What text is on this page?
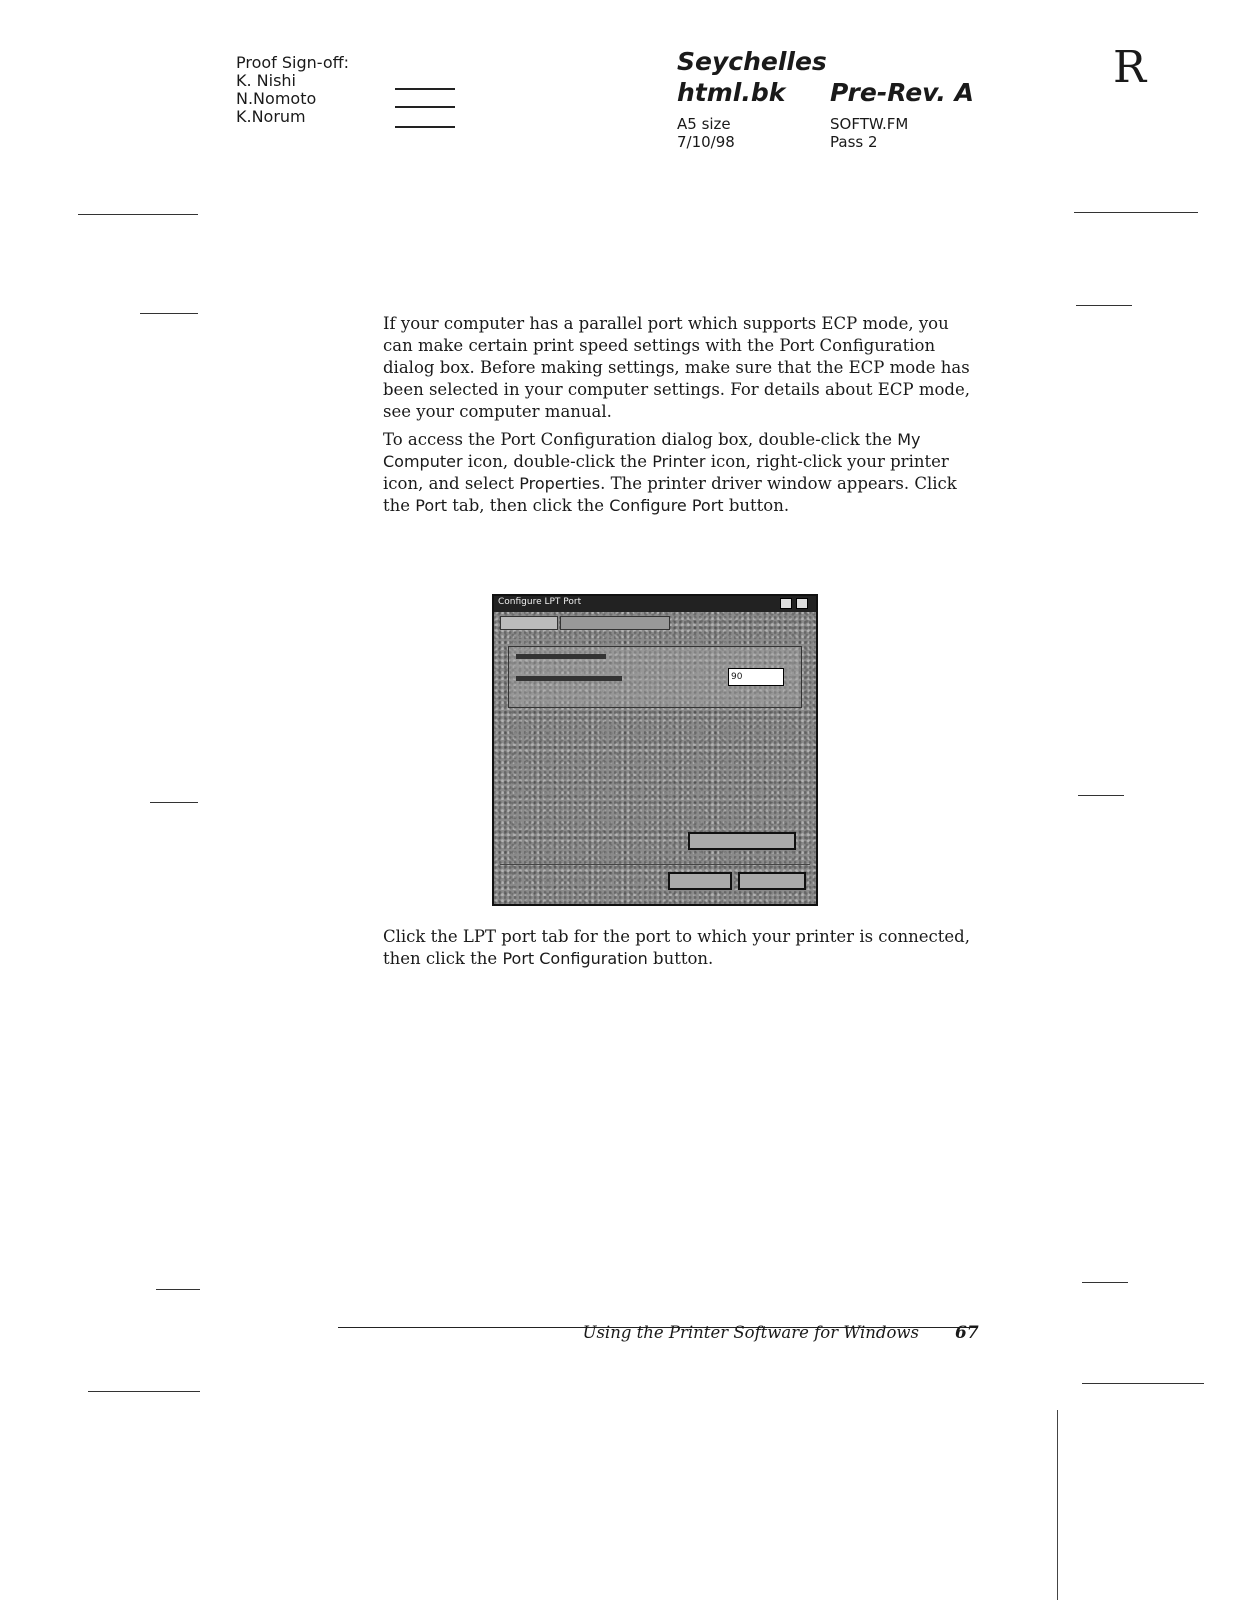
Proof Sign-off:
K. Nishi
N.Nomoto
K.Norum
Seychelles
html.bk Pre-Rev. A
A5 size
7/10/98
SOFTW.FM
Pass 2
R

If your computer has a parallel port which supports ECP mode, you can make certain print speed settings with the Port Configuration dialog box. Before making settings, make sure that the ECP mode has been selected in your computer settings. For details about ECP mode, see your computer manual.

To access the Port Configuration dialog box, double-click the My Computer icon, double-click the Printer icon, right-click your printer icon, and select Properties. The printer driver window appears. Click the Port tab, then click the Configure Port button.

Configure LPT Port
90

Click the LPT port tab for the port to which your printer is connected, then click the Port Configuration button.

Using the Printer Software for Windows 67
